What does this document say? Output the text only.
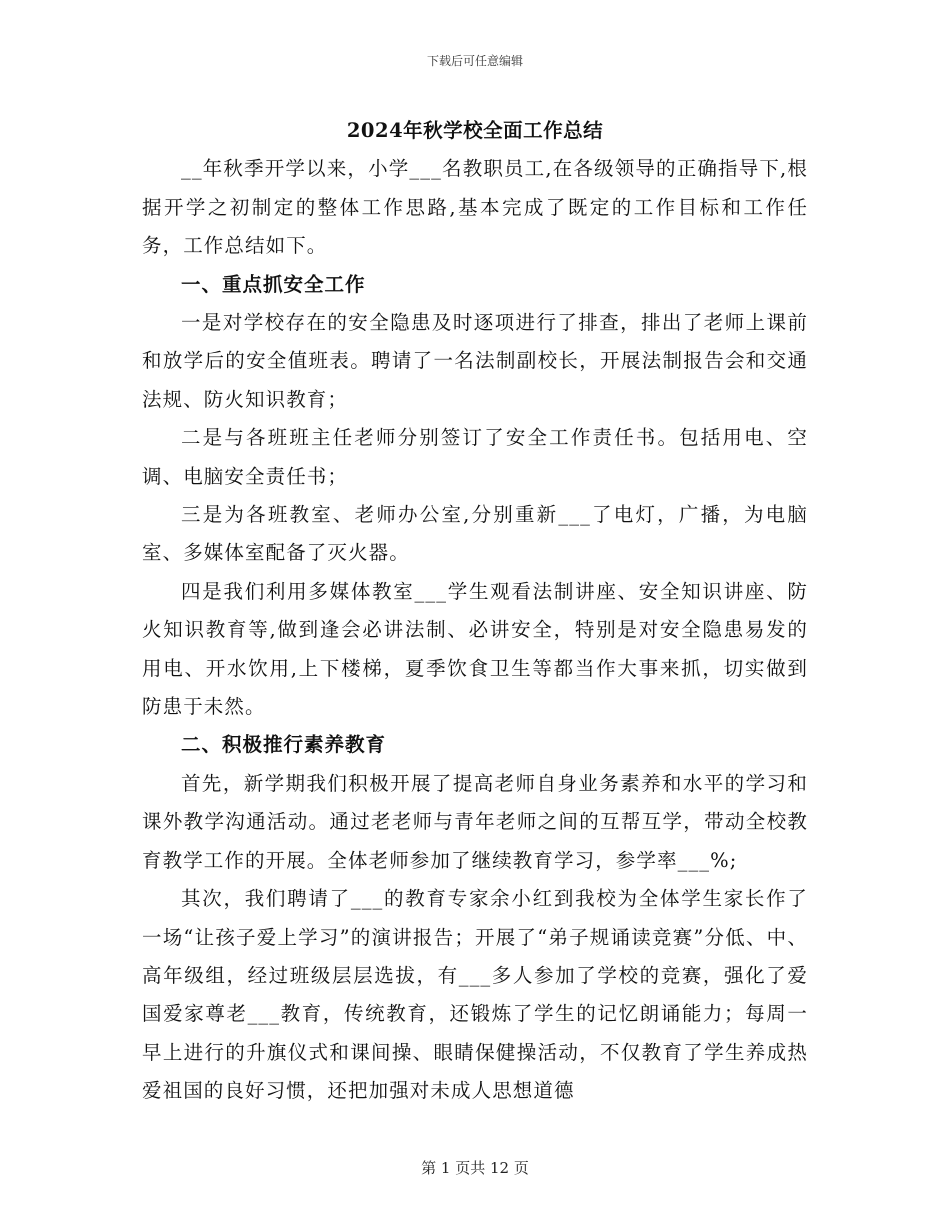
下载后可任意编辑
2024年秋学校全面工作总结

__年秋季开学以来，小学___名教职员工,在各级领导的正确指导下,根据开学之初制定的整体工作思路,基本完成了既定的工作目标和工作任务，工作总结如下。

一、重点抓安全工作

一是对学校存在的安全隐患及时逐项进行了排查，排出了老师上课前和放学后的安全值班表。聘请了一名法制副校长，开展法制报告会和交通法规、防火知识教育；

二是与各班班主任老师分别签订了安全工作责任书。包括用电、空调、电脑安全责任书；

三是为各班教室、老师办公室,分别重新___了电灯，广播，为电脑室、多媒体室配备了灭火器。

四是我们利用多媒体教室___学生观看法制讲座、安全知识讲座、防火知识教育等,做到逢会必讲法制、必讲安全，特别是对安全隐患易发的用电、开水饮用,上下楼梯，夏季饮食卫生等都当作大事来抓，切实做到防患于未然。

二、积极推行素养教育

首先，新学期我们积极开展了提高老师自身业务素养和水平的学习和课外教学沟通活动。通过老老师与青年老师之间的互帮互学，带动全校教育教学工作的开展。全体老师参加了继续教育学习，参学率___%;

其次，我们聘请了___的教育专家余小红到我校为全体学生家长作了一场“让孩子爱上学习”的演讲报告；开展了“弟子规诵读竞赛”分低、中、高年级组，经过班级层层选拔，有___多人参加了学校的竞赛，强化了爱国爱家尊老___教育，传统教育，还锻炼了学生的记忆朗诵能力；每周一早上进行的升旗仪式和课间操、眼睛保健操活动，不仅教育了学生养成热爱祖国的良好习惯，还把加强对未成人思想道德

第 1 页共 12 页
